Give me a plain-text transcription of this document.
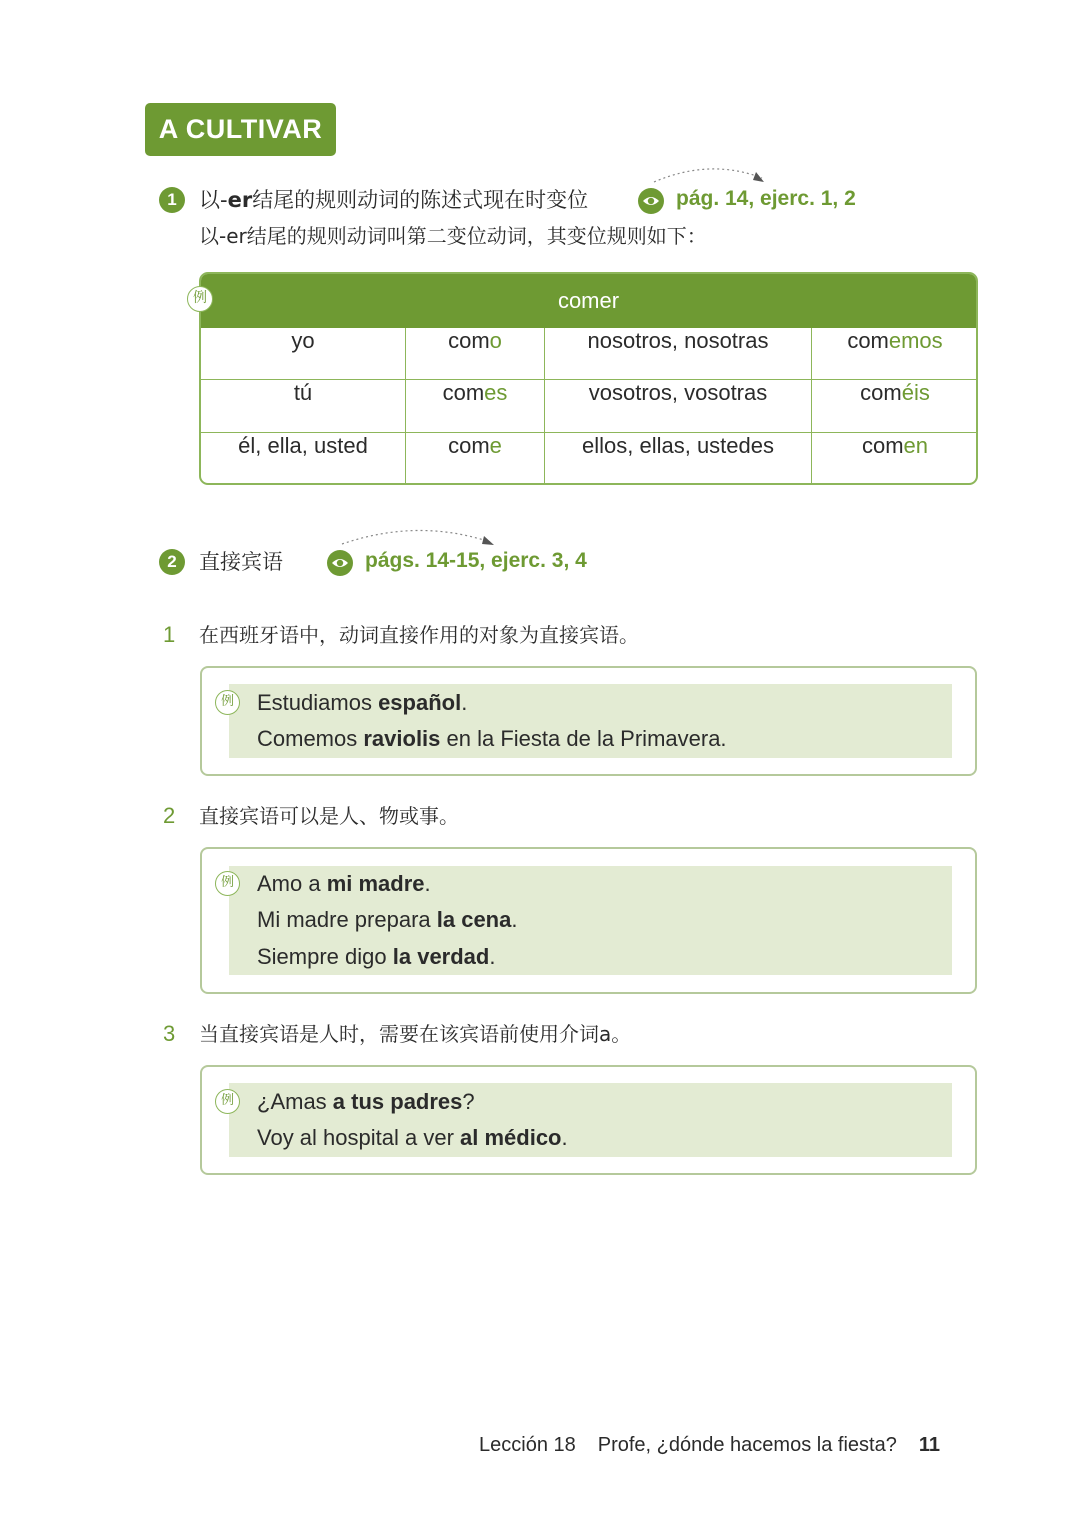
A CULTIVAR
1	以-er结尾的规则动词的陈述式现在时变位	pág. 14, ejerc. 1, 2
以-er结尾的规则动词叫第二变位动词，其变位规则如下：
comer
yo	como	nosotros, nosotras	comemos
tú	comes	vosotros, vosotras	coméis
él, ella, usted	come	ellos, ellas, ustedes	comen
例
2	直接宾语	págs. 14-15, ejerc. 3, 4
1 在西班牙语中，动词直接作用的对象为直接宾语。
例 Estudiamos español.
Comemos raviolis en la Fiesta de la Primavera.
2 直接宾语可以是人、物或事。
例 Amo a mi madre.
Mi madre prepara la cena.
Siempre digo la verdad.
3 当直接宾语是人时，需要在该宾语前使用介词a。
例 ¿Amas a tus padres?
Voy al hospital a ver al médico.
Lección 18 Profe, ¿dónde hacemos la fiesta? 11
